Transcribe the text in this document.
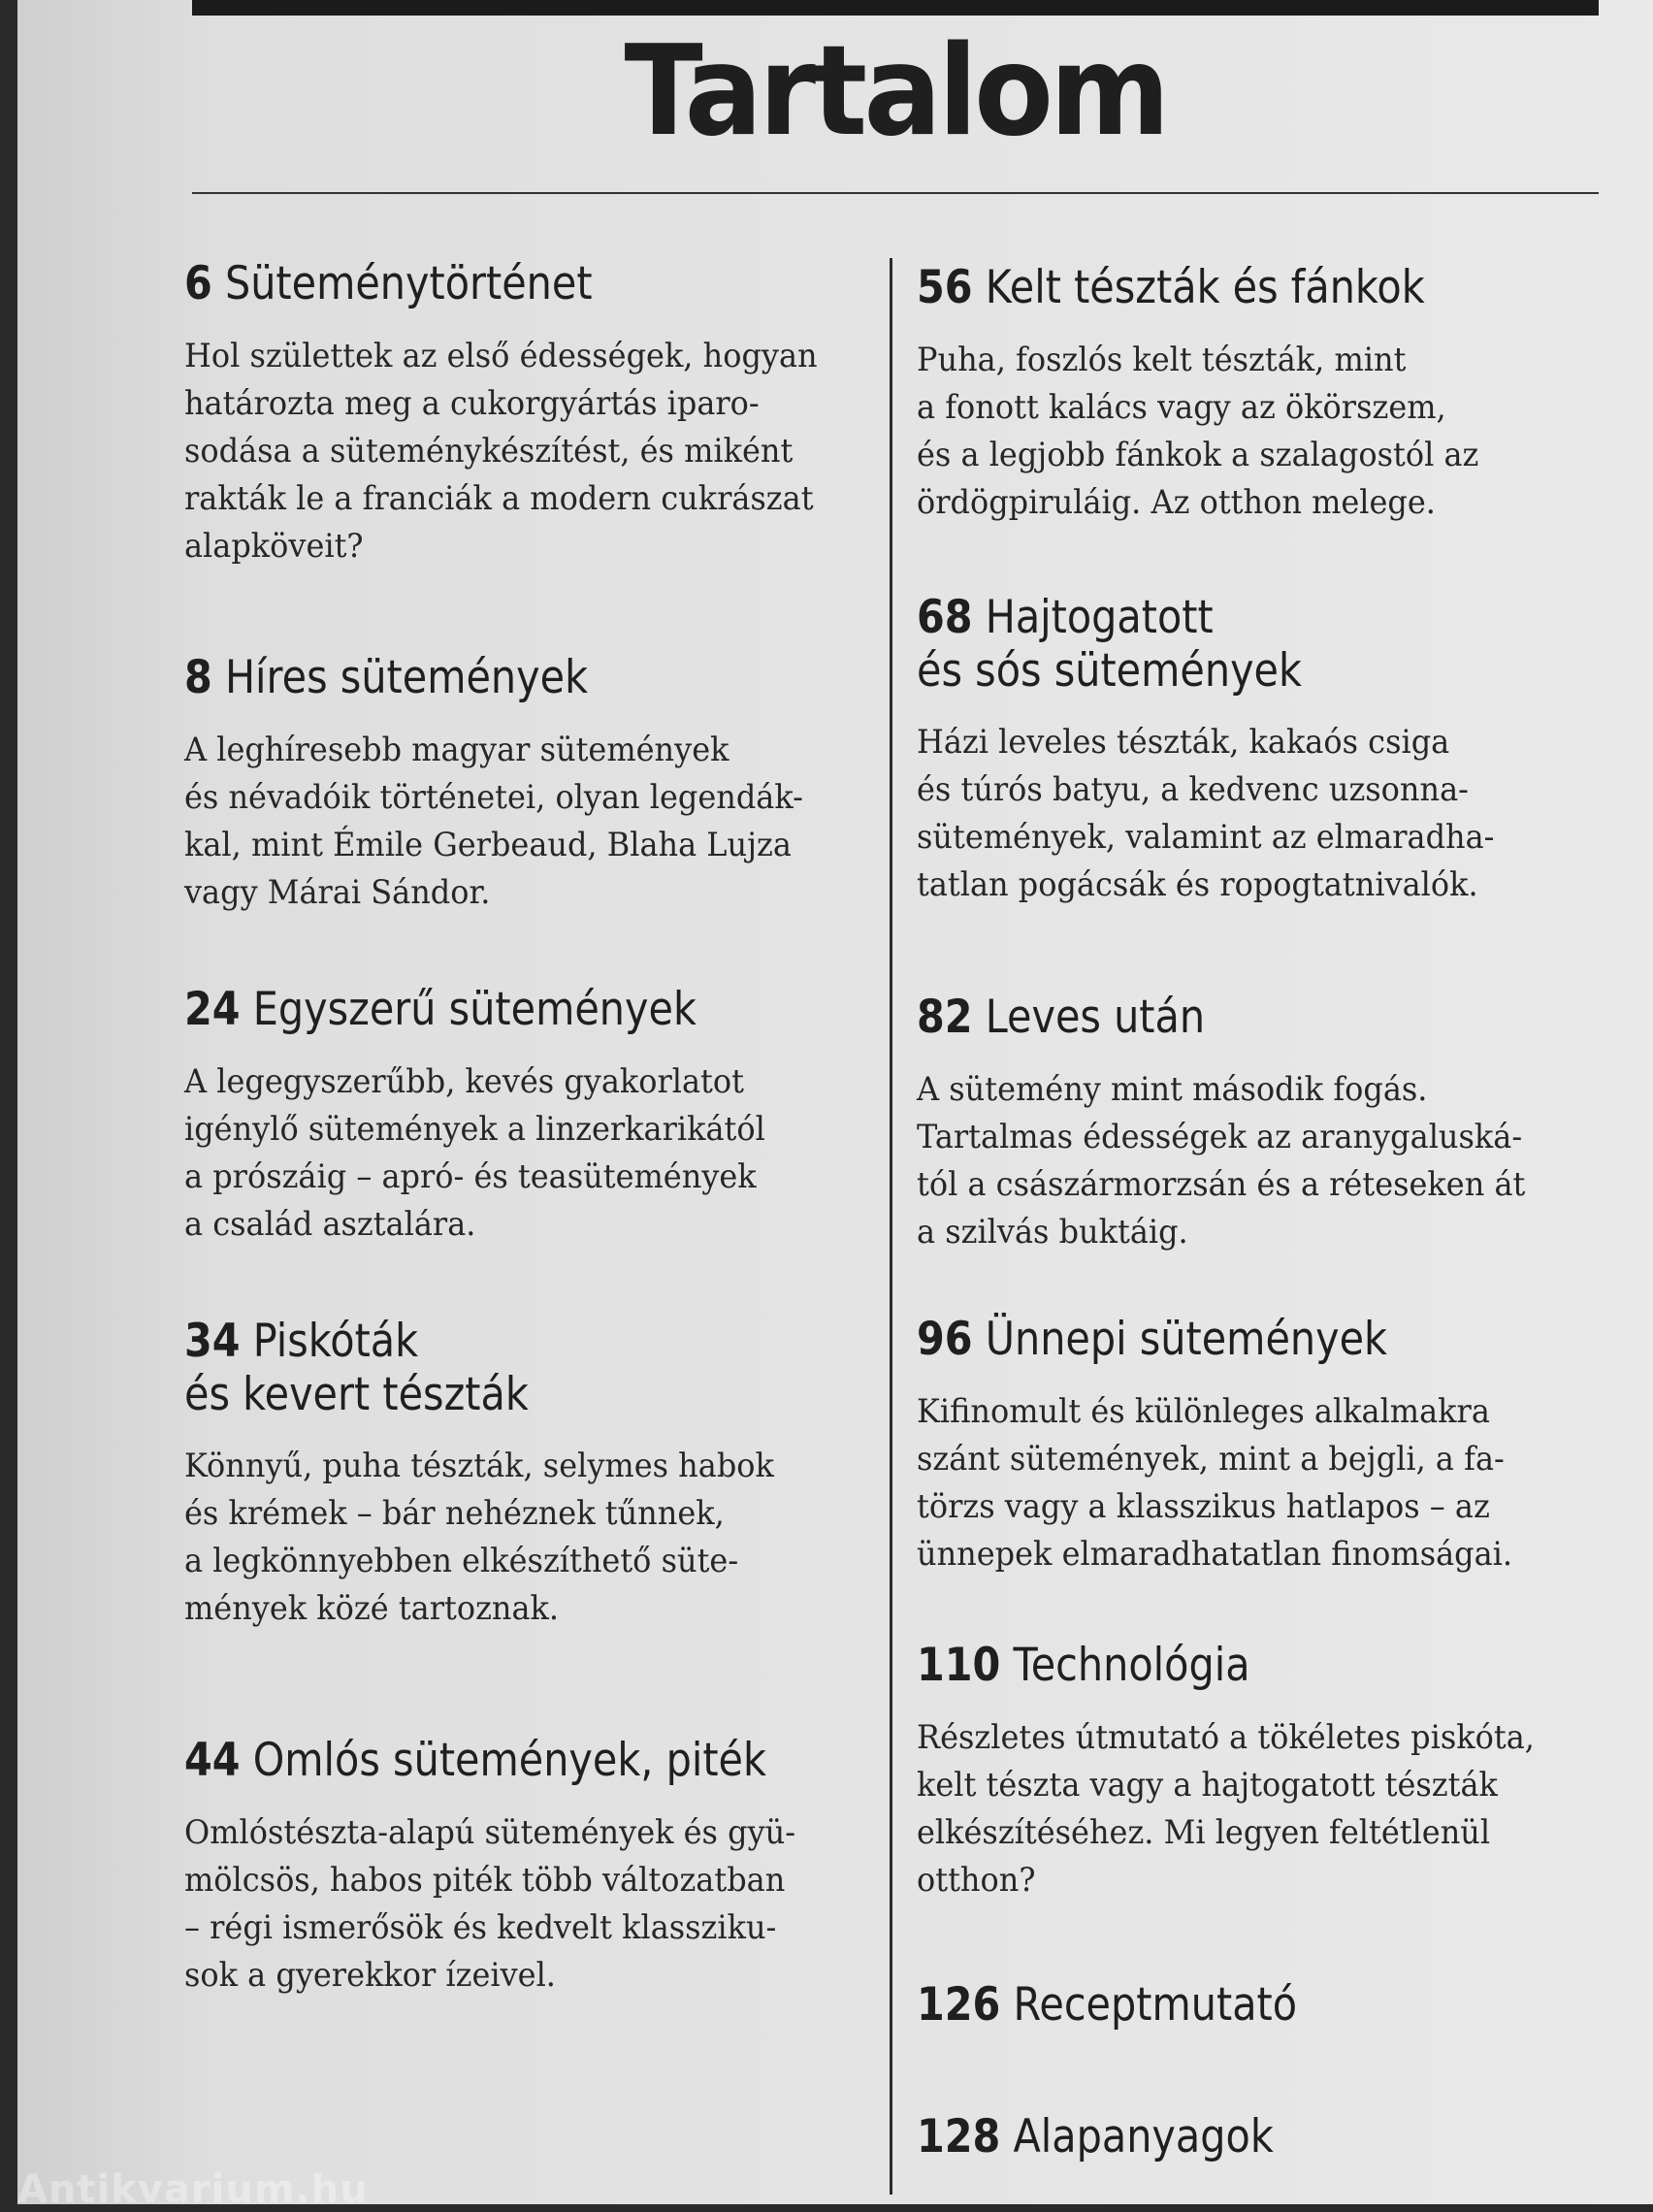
Tartalom
6 Süteménytörténet

Hol születtek az első édességek, hogyan
határozta meg a cukorgyártás iparo-
sodása a süteménykészítést, és miként
rakták le a franciák a modern cukrászat
alapköveit?

8 Híres sütemények

A leghíresebb magyar sütemények
és névadóik történetei, olyan legendák-
kal, mint Émile Gerbeaud, Blaha Lujza
vagy Márai Sándor.

24 Egyszerű sütemények

A legegyszerűbb, kevés gyakorlatot
igénylő sütemények a linzerkarikától
a prószáig – apró- és teasütemények
a család asztalára.

34 Piskóták
és kevert tészták

Könnyű, puha tészták, selymes habok
és krémek – bár nehéznek tűnnek,
a legkönnyebben elkészíthető süte-
mények közé tartoznak.

44 Omlós sütemények, piték

Omlóstészta-alapú sütemények és gyü-
mölcsös, habos piték több változatban
– régi ismerősök és kedvelt klassziku-
sok a gyerekkor ízeivel.

56 Kelt tészták és fánkok

Puha, foszlós kelt tészták, mint
a fonott kalács vagy az ökörszem,
és a legjobb fánkok a szalagostól az
ördögpiruláig. Az otthon melege.

68 Hajtogatott
és sós sütemények

Házi leveles tészták, kakaós csiga
és túrós batyu, a kedvenc uzsonna-
sütemények, valamint az elmaradha-
tatlan pogácsák és ropogtatnivalók.

82 Leves után

A sütemény mint második fogás.
Tartalmas édességek az aranygaluská-
tól a császármorzsán és a réteseken át
a szilvás buktáig.

96 Ünnepi sütemények

Kifinomult és különleges alkalmakra
szánt sütemények, mint a bejgli, a fa-
törzs vagy a klasszikus hatlapos – az
ünnepek elmaradhatatlan finomságai.

110 Technológia

Részletes útmutató a tökéletes piskóta,
kelt tészta vagy a hajtogatott tészták
elkészítéséhez. Mi legyen feltétlenül
otthon?

126 Receptmutató
128 Alapanyagok
Antikvarium.hu
